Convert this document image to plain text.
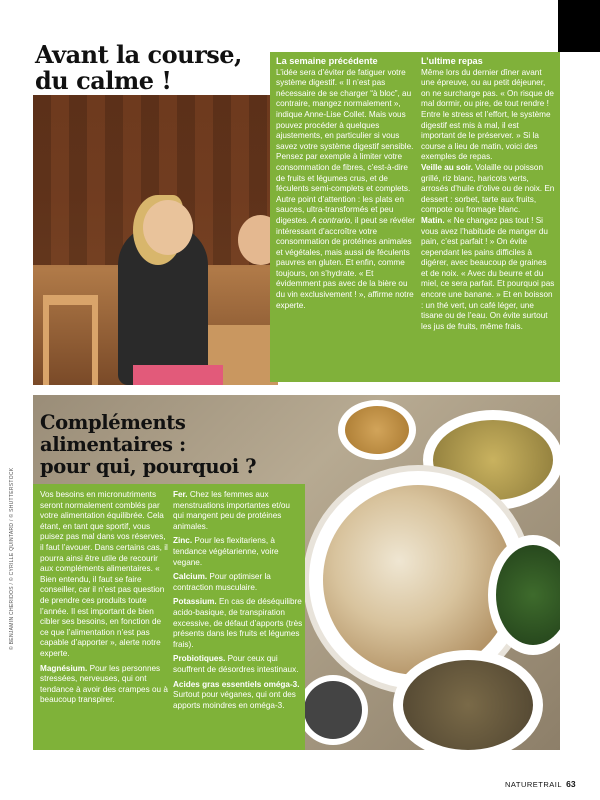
Avant la course,
du calme !
La semaine précédente

L’idée sera d’éviter de fatiguer votre système digestif. « Il n’est pas nécessaire de se charger “à bloc”, au contraire, mangez normalement », indique Anne-Lise Collet. Mais vous pouvez procéder à quelques ajustements, en particulier si vous savez votre système digestif sensible. Pensez par exemple à limiter votre consommation de fibres, c’est-à-dire de fruits et légumes crus, et de féculents semi-complets et complets. Autre point d’attention : les plats en sauces, ultra-transformés et peu digestes. A contrario, il peut se révéler intéressant d’accroître votre consommation de protéines animales et végétales, mais aussi de féculents pauvres en gluten. Et enfin, comme toujours, on s’hydrate. « Et évidemment pas avec de la bière ou du vin exclusivement ! », affirme notre experte.

L’ultime repas

Même lors du dernier dîner avant une épreuve, ou au petit déjeuner, on ne surcharge pas. « On risque de mal dormir, ou pire, de tout rendre ! Entre le stress et l’effort, le système digestif est mis à mal, il est important de le préserver. » Si la course a lieu de matin, voici des exemples de repas.

Veille au soir. Volaille ou poisson grillé, riz blanc, haricots verts, arrosés d’huile d’olive ou de noix. En dessert : sorbet, tarte aux fruits, compote ou fromage blanc.

Matin. « Ne changez pas tout ! Si vous avez l’habitude de manger du pain, c’est parfait ! » On évite cependant les pains difficiles à digérer, avec beaucoup de graines et de noix. « Avec du beurre et du miel, ce sera parfait. Et pourquoi pas encore une banane. » Et en boisson : un thé vert, un café léger, une tisane ou de l’eau. On évite surtout les jus de fruits, même frais.

Compléments
alimentaires :
pour qui, pourquoi ?

Vos besoins en micronutriments seront normalement comblés par votre alimentation équilibrée. Cela étant, en tant que sportif, vous puisez pas mal dans vos réserves, il faut l’avouer. Dans certains cas, il pourra ainsi être utile de recourir aux compléments alimentaires. « Bien entendu, il faut se faire conseiller, car il n’est pas question de prendre ces produits toute l’année. Il est important de bien cibler ses besoins, en fonction de ce que l’alimentation n’est pas capable d’apporter », alerte notre experte.

Magnésium. Pour les personnes stressées, nerveuses, qui ont tendance à avoir des crampes ou à beaucoup transpirer.

Fer. Chez les femmes aux menstruations importantes et/ou qui mangent peu de protéines animales.

Zinc. Pour les flexitariens, à tendance végétarienne, voire vegane.

Calcium. Pour optimiser la contraction musculaire.

Potassium. En cas de déséquilibre acido-basique, de transpiration excessive, de défaut d’apports (très présents dans les fruits et légumes frais).

Probiotiques. Pour ceux qui souffrent de désordres intestinaux.

Acides gras essentiels oméga-3. Surtout pour véganes, qui ont des apports moindres en oméga-3.

© BENJAMIN CHERIDOS / © CYRILLE QUINTARD / © SHUTTERSTOCK
NATURETRAIL 63
